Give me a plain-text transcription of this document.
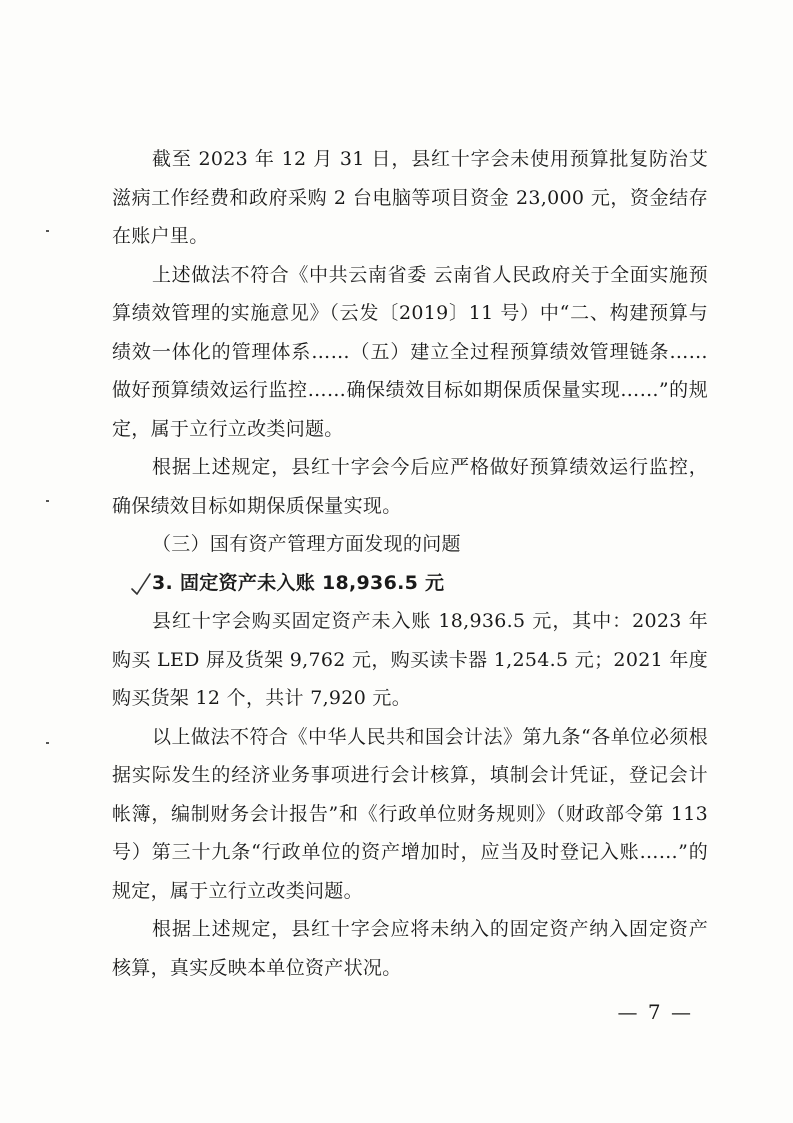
截至 2023 年 12 月 31 日，县红十字会未使用预算批复防治艾滋病工作经费和政府采购 2 台电脑等项目资金 23,000 元，资金结存在账户里。

上述做法不符合《中共云南省委 云南省人民政府关于全面实施预算绩效管理的实施意见》（云发〔2019〕11 号）中“二、构建预算与绩效一体化的管理体系……（五）建立全过程预算绩效管理链条……做好预算绩效运行监控……确保绩效目标如期保质保量实现……”的规定，属于立行立改类问题。

根据上述规定，县红十字会今后应严格做好预算绩效运行监控，确保绩效目标如期保质保量实现。

（三）国有资产管理方面发现的问题

3. 固定资产未入账 18,936.5 元

县红十字会购买固定资产未入账 18,936.5 元，其中：2023 年购买 LED 屏及货架 9,762 元，购买读卡器 1,254.5 元；2021 年度购买货架 12 个，共计 7,920 元。

以上做法不符合《中华人民共和国会计法》第九条“各单位必须根据实际发生的经济业务事项进行会计核算，填制会计凭证，登记会计帐簿，编制财务会计报告”和《行政单位财务规则》（财政部令第 113 号）第三十九条“行政单位的资产增加时，应当及时登记入账……”的规定，属于立行立改类问题。

根据上述规定，县红十字会应将未纳入的固定资产纳入固定资产核算，真实反映本单位资产状况。

— 7 —
